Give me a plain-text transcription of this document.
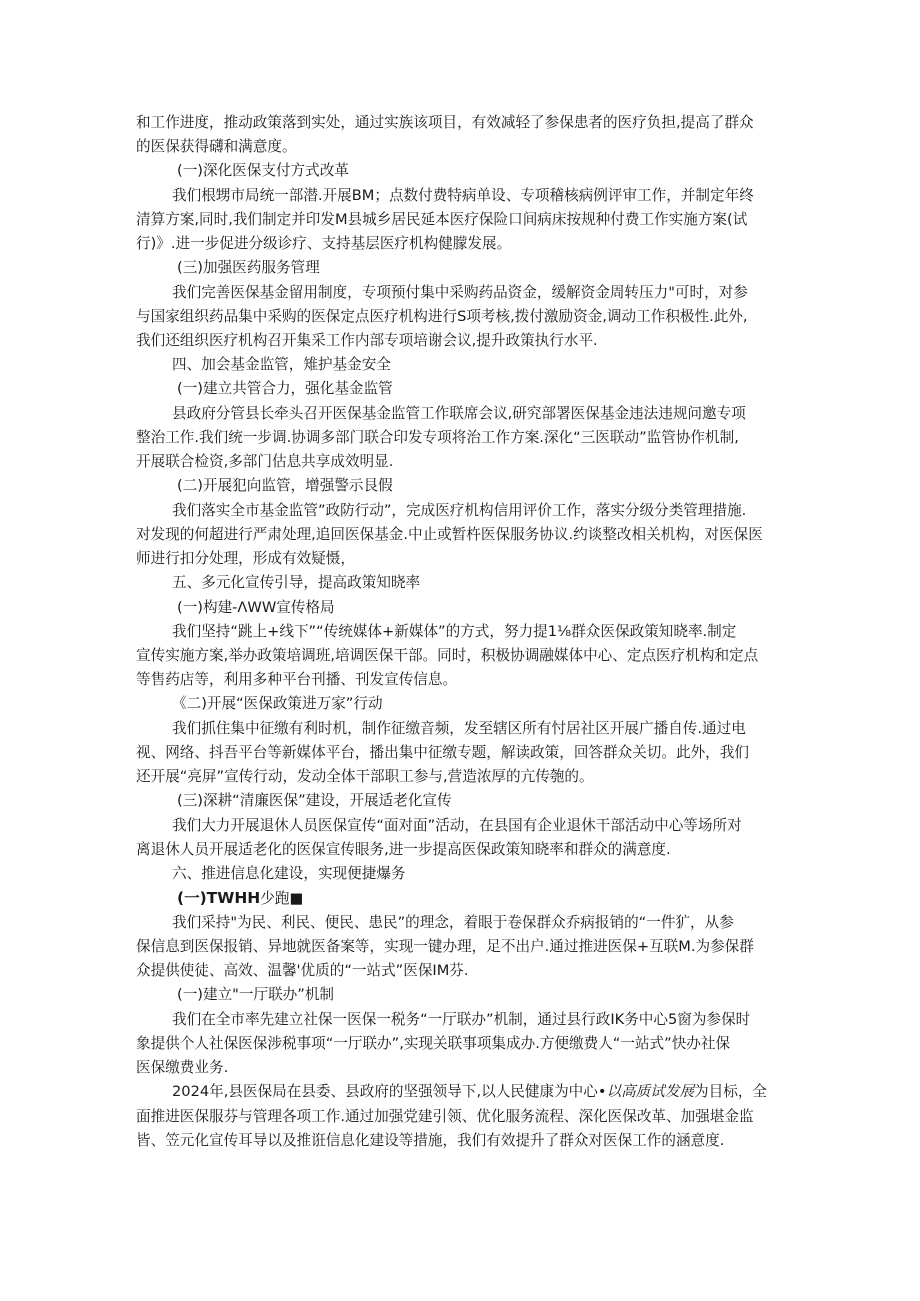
和工作进度，推动政策落到实处，通过实族该项目，有效减轻了参保患者的医疗负担,提高了群众
的医保获得礴和满意度。
(一)深化医保支付方式改革
我们根甥市局统一部潜.开展BM；点数付费特病单设、专项稽核病例评审工作，并制定年终
清算方案,同时,我们制定并印发M县城乡居民延本医疗保险口间病床按规种付费工作实施方案(试
行)》.进一步促进分级诊疗、支持基层医疗机构健朦发展。
(三)加强医药服务管理
我们完善医保基金留用制度，专项预付集中采购药品资金，缓解资金周转压力"可时，对参
与国家组织药品集中采购的医保定点医疗机构进行S项考核,拨付激励资金,调动工作积极性.此外,
我们还组织医疗机构召开集采工作内部专项培谢会议,提升政策执行水平.
四、加会基金监管，雉护基金安全
(一)建立共管合力，强化基金监管
县政府分管县长牵头召开医保基金监管工作联席会议,研究部署医保基金违法违规问邀专项
整治工作.我们统一步调.协调多部门联合印发专项将治工作方案.深化“三医联动”监管协作机制,
开展联合检资,多部门估息共享成效明显.
(二)开展犯向监管，增强警示艮假
我们落实全市基金监管”政防行动”，完成医疗机构信用评价工作，落实分级分类管理措施.
对发现的何超进行严肃处理,追回医保基金.中止或暂杵医保服务协议.约谈整改相关机构，对医保医
师进行扣分处理，形成有效疑慑，
五、多元化宣传引导，提高政策知晓率
(一)构建-ΛWW宣传格局
我们坚持“跳上+线下”“传统媒体+新媒体”的方式，努力提1⅛群众医保政策知晓率.制定
宣传实施方案,举办政策培调班,培调医保干部。同时，积极协调融媒体中心、定点医疗机构和定点
等售药店等，利用多种平台刊播、刊发宣传信息。
《二)开展“医保政策进万家”行动
我们抓住集中征缴有利时机，制作征缴音频，发至辖区所有忖居社区开展广播自传.通过电
视、网络、抖吾平台等新媒体平台，播出集中征缴专题，解读政策，回答群众关切。此外，我们
还开展“亮屏”宣传行动，发动全体干部职工参与,营造浓厚的亢传匏的。
(三)深耕“清廉医保”建设，开展适老化宣传
我们大力开展退休人员医保宣传“面对面”活动，在县国有企业退休干部活动中心等场所对
离退休人员开展适老化的医保宣传眼务,进一步提高医保政策知晓率和群众的满意度.
六、推进信息化建设，实现便捷爆务
(一)TWHH少跑■
我们采持"为民、利民、便民、患民”的理念，着眼于卷保群众乔病报销的“一件犷，从参
保信息到医保报销、异地就医备案等，实现一键办理，足不出户.通过推进医保+互联M.为参保群
众提供使徒、高效、温馨'优质的“一站式”医保IM芬.
(一)建立"一厅联办”机制
我们在全市率先建立社保一医保一税务“一厅联办”机制，通过县行政IK务中心5窗为参保时
象提供个人社保医保涉税事项“一厅联办”,实现关联事项集成办.方便缴费人“一站式”快办社保
医保缴费业务.
2024年,县医保局在县委、县政府的坚强领导下,以人民健康为中心•以高质试发展为目标，全
面推进医保服芬与管理各项工作.通过加强党建引领、优化服务流程、深化医保改革、加强堪金监
皆、笠元化宣传耳导以及推诳信息化建设等措施，我们有效提升了群众对医保工作的涵意度.
